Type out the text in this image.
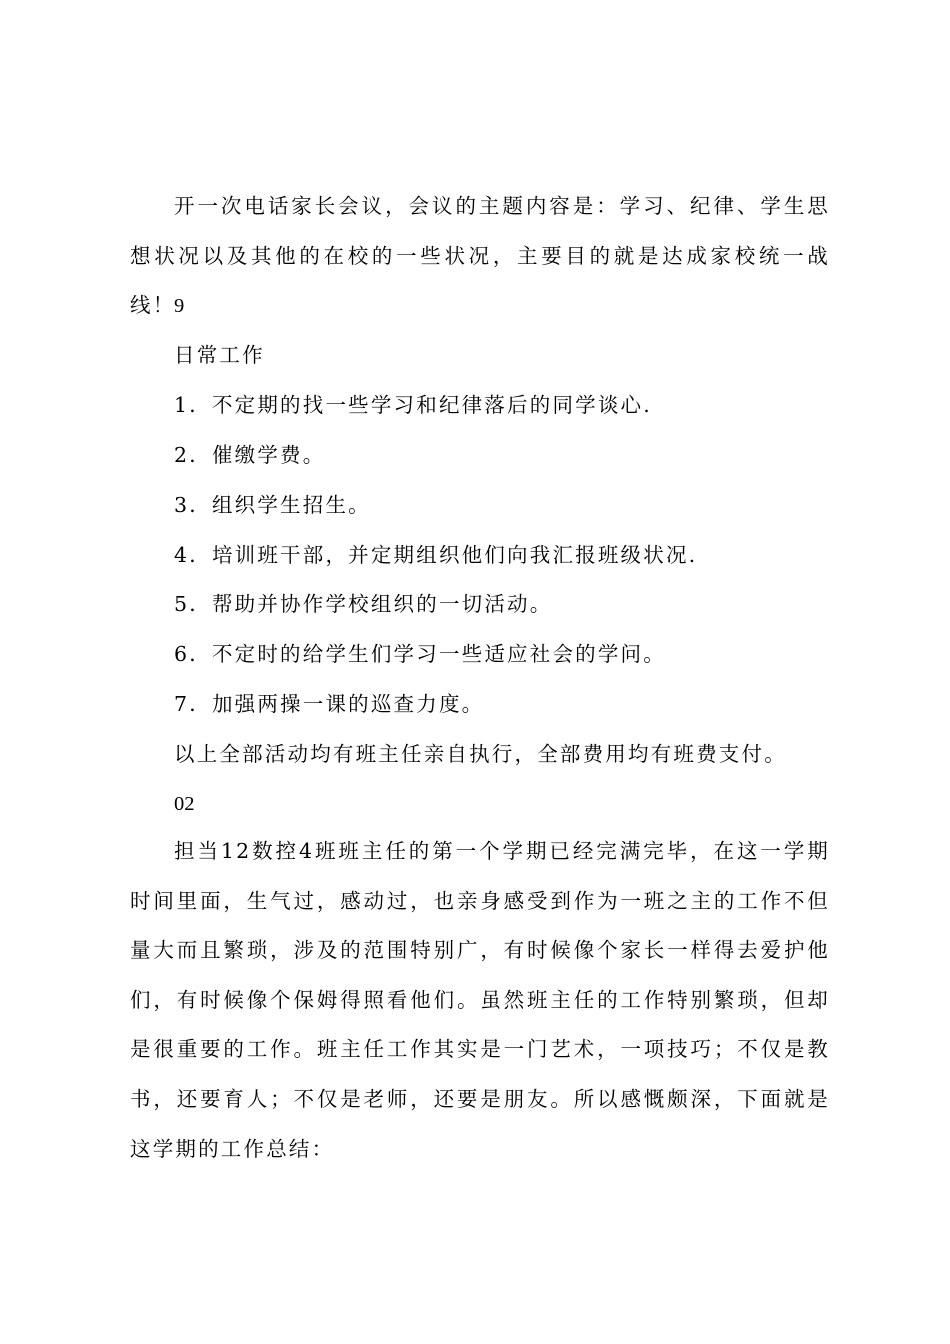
开一次电话家长会议，会议的主题内容是：学习、纪律、学生思想状况以及其他的在校的一些状况，主要目的就是达成家校统一战线！

9

日常工作

1．不定期的找一些学习和纪律落后的同学谈心.

2．催缴学费。

3．组织学生招生。

4．培训班干部，并定期组织他们向我汇报班级状况.

5．帮助并协作学校组织的一切活动。

6．不定时的给学生们学习一些适应社会的学问。

7．加强两操一课的巡查力度。

以上全部活动均有班主任亲自执行，全部费用均有班费支付。

02

担当12数控4班班主任的第一个学期已经完满完毕，在这一学期时间里面，生气过，感动过，也亲身感受到作为一班之主的工作不但量大而且繁琐，涉及的范围特别广，有时候像个家长一样得去爱护他们，有时候像个保姆得照看他们。虽然班主任的工作特别繁琐，但却是很重要的工作。班主任工作其实是一门艺术，一项技巧；不仅是教书，还要育人；不仅是老师，还要是朋友。所以感慨颇深，下面就是这学期的工作总结：
